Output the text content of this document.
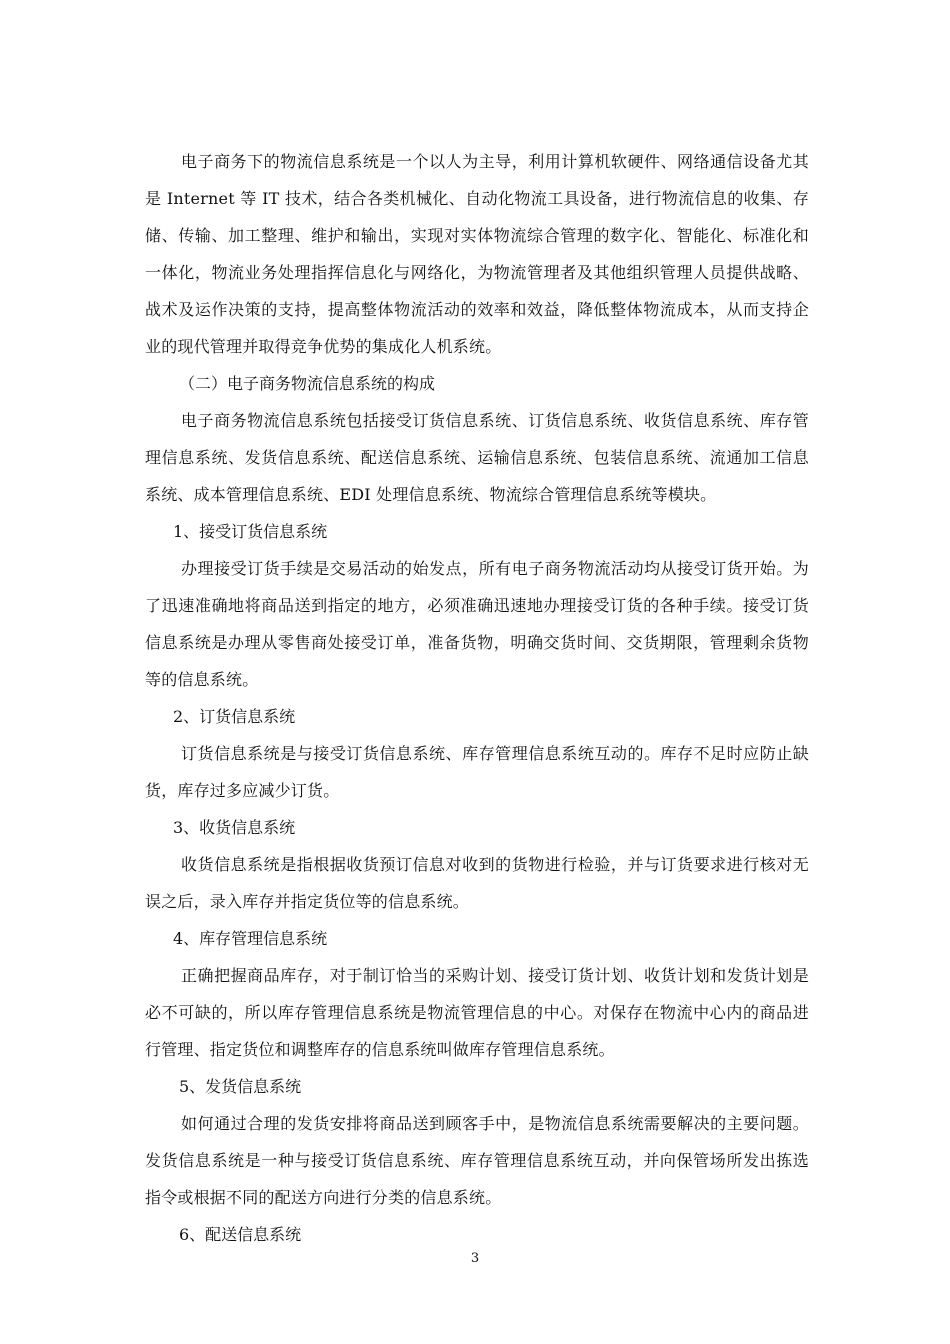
电子商务下的物流信息系统是一个以人为主导，利用计算机软硬件、网络通信设备尤其是 Internet 等 IT 技术，结合各类机械化、自动化物流工具设备，进行物流信息的收集、存储、传输、加工整理、维护和输出，实现对实体物流综合管理的数字化、智能化、标准化和一体化，物流业务处理指挥信息化与网络化，为物流管理者及其他组织管理人员提供战略、战术及运作决策的支持，提高整体物流活动的效率和效益，降低整体物流成本，从而支持企业的现代管理并取得竞争优势的集成化人机系统。

（二）电子商务物流信息系统的构成

电子商务物流信息系统包括接受订货信息系统、订货信息系统、收货信息系统、库存管理信息系统、发货信息系统、配送信息系统、运输信息系统、包装信息系统、流通加工信息系统、成本管理信息系统、EDI 处理信息系统、物流综合管理信息系统等模块。

1、接受订货信息系统

办理接受订货手续是交易活动的始发点，所有电子商务物流活动均从接受订货开始。为了迅速准确地将商品送到指定的地方，必须准确迅速地办理接受订货的各种手续。接受订货信息系统是办理从零售商处接受订单，准备货物，明确交货时间、交货期限，管理剩余货物等的信息系统。

2、订货信息系统

订货信息系统是与接受订货信息系统、库存管理信息系统互动的。库存不足时应防止缺货，库存过多应减少订货。

3、收货信息系统

收货信息系统是指根据收货预订信息对收到的货物进行检验，并与订货要求进行核对无误之后，录入库存并指定货位等的信息系统。

4、库存管理信息系统

正确把握商品库存，对于制订恰当的采购计划、接受订货计划、收货计划和发货计划是必不可缺的，所以库存管理信息系统是物流管理信息的中心。对保存在物流中心内的商品进行管理、指定货位和调整库存的信息系统叫做库存管理信息系统。

5、发货信息系统

如何通过合理的发货安排将商品送到顾客手中，是物流信息系统需要解决的主要问题。发货信息系统是一种与接受订货信息系统、库存管理信息系统互动，并向保管场所发出拣选指令或根据不同的配送方向进行分类的信息系统。

6、配送信息系统

3
